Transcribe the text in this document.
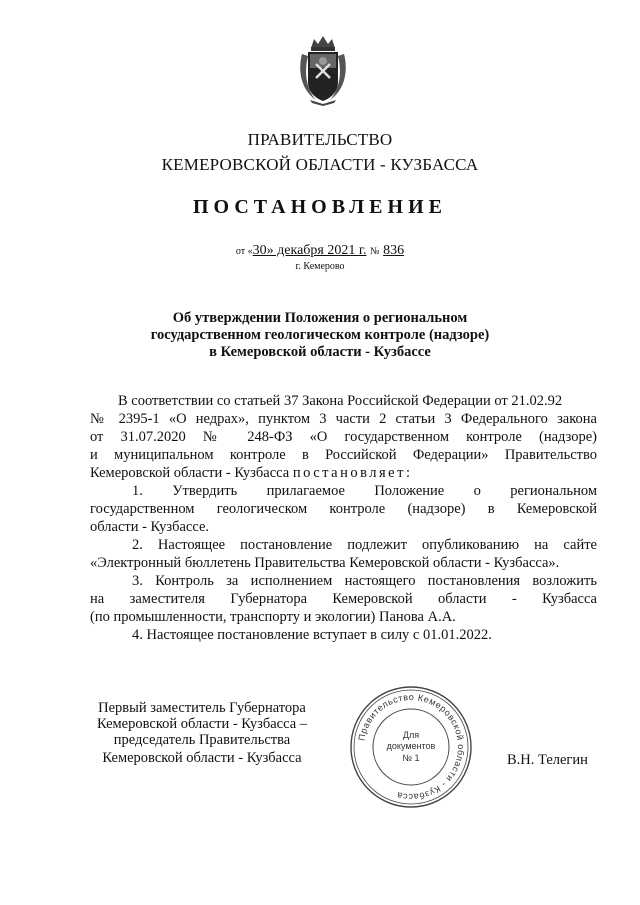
ПРАВИТЕЛЬСТВО
КЕМЕРОВСКОЙ ОБЛАСТИ - КУЗБАССА
ПОСТАНОВЛЕНИЕ
от «30» декабря 2021 г. № 836
г. Кемерово
Об утверждении Положения о региональном
государственном геологическом контроле (надзоре)
в Кемеровской области - Кузбассе
В соответствии со статьей 37 Закона Российской Федерации от 21.02.92
№ 2395-1 «О недрах», пунктом 3 части 2 статьи 3 Федерального закона
от 31.07.2020 № 248-ФЗ «О государственном контроле (надзоре)
и муниципальном контроле в Российской Федерации» Правительство
Кемеровской области - Кузбасса постановляет:
1. Утвердить прилагаемое Положение о региональном
государственном геологическом контроле (надзоре) в Кемеровской
области - Кузбассе.
2. Настоящее постановление подлежит опубликованию на сайте
«Электронный бюллетень Правительства Кемеровской области - Кузбасса».
3. Контроль за исполнением настоящего постановления возложить
на заместителя Губернатора Кемеровской области - Кузбасса
(по промышленности, транспорту и экологии) Панова А.А.
4. Настоящее постановление вступает в силу с 01.01.2022.
Первый заместитель Губернатора
Кемеровской области - Кузбасса –
председатель Правительства
Кемеровской области - Кузбасса
Правительство Кемеровской области - Кузбасса
Для
документов
№ 1	В.Н. Телегин
